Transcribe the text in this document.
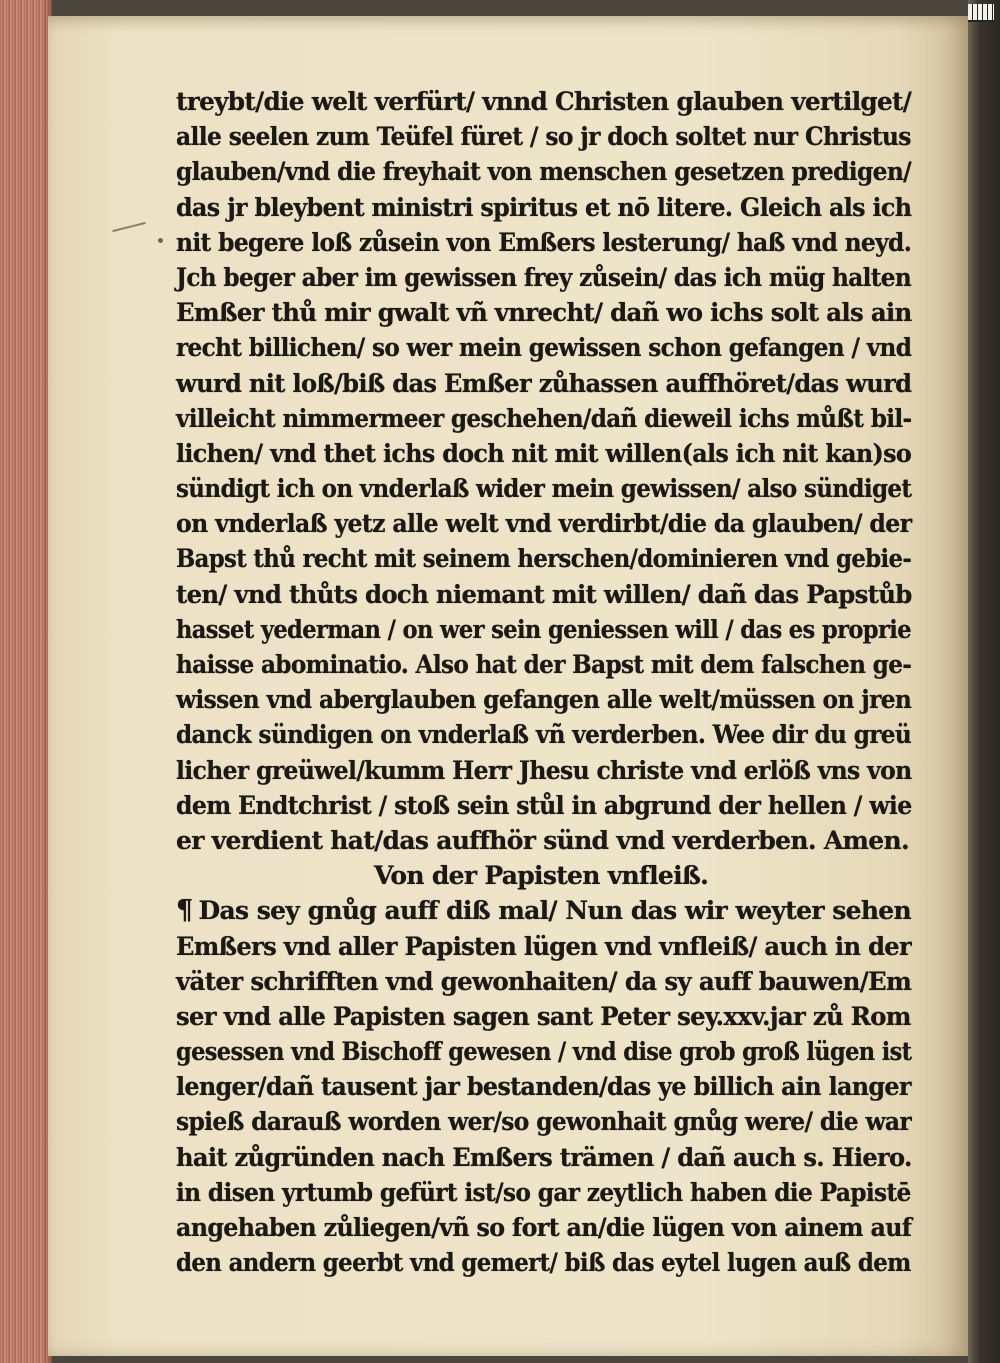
treybt/die welt verfürt/ vnnd Christen glauben vertilget/
alle seelen zum Teüfel füret / so jr doch soltet nur Christus
glauben/vnd die freyhait von menschen gesetzen predigen/
das jr bleybent ministri spiritus et nō litere. Gleich als ich
nit begere loß zůsein von Emßers lesterung/ haß vnd neyd.
Jch beger aber im gewissen frey zůsein/ das ich müg halten
Emßer thů mir gwalt vñ vnrecht/ dañ wo ichs solt als ain
recht billichen/ so wer mein gewissen schon gefangen / vnd
wurd nit loß/biß das Emßer zůhassen auffhöret/das wurd
villeicht nimmermeer geschehen/dañ dieweil ichs můßt bil-
lichen/ vnd thet ichs doch nit mit willen(als ich nit kan)so
sündigt ich on vnderlaß wider mein gewissen/ also sündiget
on vnderlaß yetz alle welt vnd verdirbt/die da glauben/ der
Bapst thů recht mit seinem herschen/dominieren vnd gebie-
ten/ vnd thůts doch niemant mit willen/ dañ das Papstůb
hasset yederman / on wer sein geniessen will / das es proprie
haisse abominatio. Also hat der Bapst mit dem falschen ge-
wissen vnd aberglauben gefangen alle welt/müssen on jren
danck sündigen on vnderlaß vñ verderben. Wee dir du greü
licher greüwel/kumm Herr Jhesu christe vnd erlöß vns von
dem Endtchrist / stoß sein stůl in abgrund der hellen / wie
er verdient hat/das auffhör sünd vnd verderben. Amen.
Von der Papisten vnfleiß.
¶ Das sey gnůg auff diß mal/ Nun das wir weyter sehen
Emßers vnd aller Papisten lügen vnd vnfleiß/ auch in der
väter schrifften vnd gewonhaiten/ da sy auff bauwen/Em
ser vnd alle Papisten sagen sant Peter sey.xxv.jar zů Rom
gesessen vnd Bischoff gewesen / vnd dise grob groß lügen ist
lenger/dañ tausent jar bestanden/das ye billich ain langer
spieß darauß worden wer/so gewonhait gnůg were/ die war
hait zůgründen nach Emßers trämen / dañ auch s. Hiero.
in disen yrtumb gefürt ist/so gar zeytlich haben die Papistē
angehaben zůliegen/vñ so fort an/die lügen von ainem auf
den andern geerbt vnd gemert/ biß das eytel lugen auß dem
